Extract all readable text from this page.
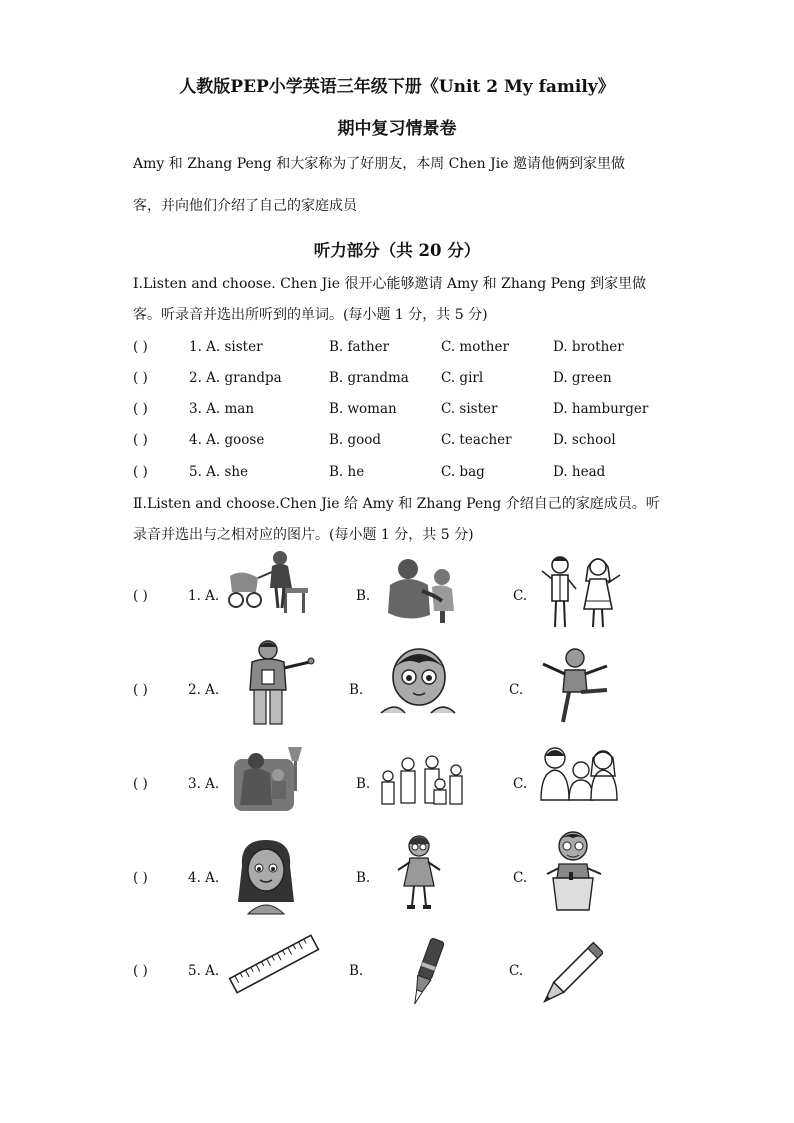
人教版PEP小学英语三年级下册《Unit 2 My family》
期中复习情景卷
Amy 和 Zhang Peng 和大家称为了好朋友，本周 Chen Jie 邀请他俩到家里做
客，并向他们介绍了自己的家庭成员
听力部分（共 20 分）
Ⅰ.Listen and choose. Chen Jie 很开心能够邀请 Amy 和 Zhang Peng 到家里做
客。听录音并选出所听到的单词。(每小题 1 分，共 5 分)
( )	1. A. sister	B. father	C. mother	D. brother
( )	2. A. grandpa	B. grandma C. girl	D. green
( )	3. A. man	B. woman	C. sister	D. hamburger
( )	4. A. goose	B. good	C. teacher	D. school
( )	5. A. she	B. he	C. bag	D. head
Ⅱ.Listen and choose.Chen Jie 给 Amy 和 Zhang Peng 介绍自己的家庭成员。听
录音并选出与之相对应的图片。(每小题 1 分，共 5 分)
( )	1. A.	B.	C.
( )	2. A.	B.	C.
( )	3. A.	B.	C.
( )	4. A.	B.	C.
( )	5. A.	B.	C.
